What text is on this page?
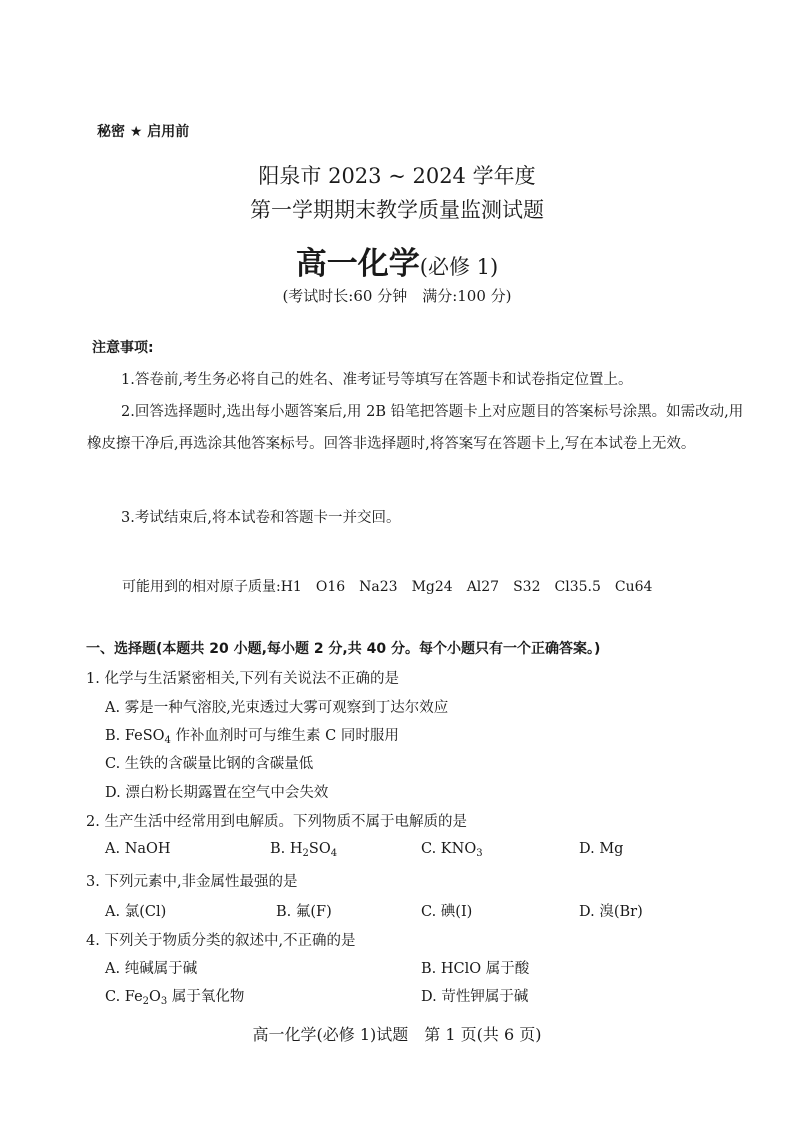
秘密 ★ 启用前
阳泉市 2023 ~ 2024 学年度
第一学期期末教学质量监测试题
高一化学(必修 1)
(考试时长:60 分钟　满分:100 分)
注意事项:
1.答卷前,考生务必将自己的姓名、准考证号等填写在答题卡和试卷指定位置上。
2.回答选择题时,选出每小题答案后,用 2B 铅笔把答题卡上对应题目的答案标号涂黑。如需改动,用橡皮擦干净后,再选涂其他答案标号。回答非选择题时,将答案写在答题卡上,写在本试卷上无效。
3.考试结束后,将本试卷和答题卡一并交回。
可能用到的相对原子质量:H1 O16 Na23 Mg24 Al27 S32 Cl35.5 Cu64
一、选择题(本题共 20 小题,每小题 2 分,共 40 分。每个小题只有一个正确答案。)
1. 化学与生活紧密相关,下列有关说法不正确的是
A. 雾是一种气溶胶,光束透过大雾可观察到丁达尔效应
B. FeSO$_4$ 作补血剂时可与维生素 C 同时服用
C. 生铁的含碳量比钢的含碳量低
D. 漂白粉长期露置在空气中会失效
2. 生产生活中经常用到电解质。下列物质不属于电解质的是
A. NaOH	B. $H_2SO_4$	C. $KNO_3$	D. Mg
3. 下列元素中,非金属性最强的是
A. 氯(Cl)	B. 氟(F)	C. 碘(I)	D. 溴(Br)
4. 下列关于物质分类的叙述中,不正确的是
A. 纯碱属于碱	B. HClO 属于酸
C. $Fe_2O_3$ 属于氧化物	D. 苛性钾属于碱
高一化学(必修 1)试题　第 1 页(共 6 页)
